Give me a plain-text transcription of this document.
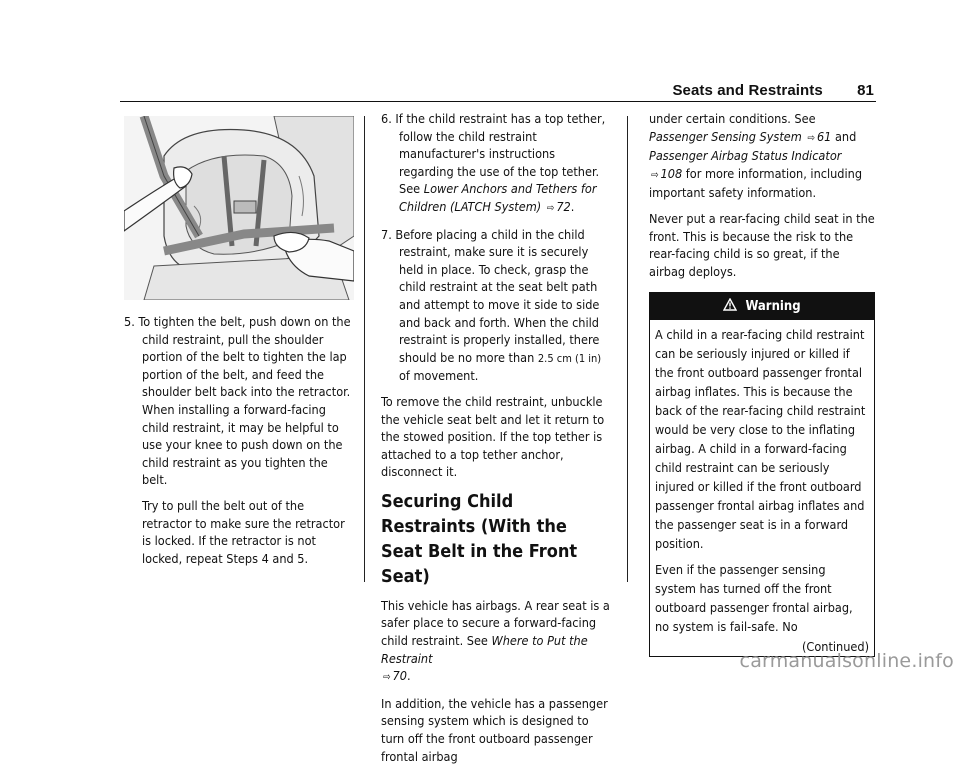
Seats and Restraints 81
5. To tighten the belt, push down on the child restraint, pull the shoulder portion of the belt to tighten the lap portion of the belt, and feed the shoulder belt back into the retractor. When installing a forward-facing child restraint, it may be helpful to use your knee to push down on the child restraint as you tighten the belt.

Try to pull the belt out of the retractor to make sure the retractor is locked. If the retractor is not locked, repeat Steps 4 and 5.

6. If the child restraint has a top tether, follow the child restraint manufacturer's instructions regarding the use of the top tether. See Lower Anchors and Tethers for Children (LATCH System) ⇨ 72.
7. Before placing a child in the child restraint, make sure it is securely held in place. To check, grasp the child restraint at the seat belt path and attempt to move it side to side and back and forth. When the child restraint is properly installed, there should be no more than 2.5 cm (1 in) of movement.

To remove the child restraint, unbuckle the vehicle seat belt and let it return to the stowed position. If the top tether is attached to a top tether anchor, disconnect it.

Securing Child Restraints (With the Seat Belt in the Front Seat)

This vehicle has airbags. A rear seat is a safer place to secure a forward-facing child restraint. See Where to Put the Restraint
⇨ 70.

In addition, the vehicle has a passenger sensing system which is designed to turn off the front outboard passenger frontal airbag

under certain conditions. See Passenger Sensing System ⇨ 61 and Passenger Airbag Status Indicator ⇨ 108 for more information, including important safety information.

Never put a rear-facing child seat in the front. This is because the risk to the rear-facing child is so great, if the airbag deploys.

Warning

A child in a rear-facing child restraint can be seriously injured or killed if the front outboard passenger frontal airbag inflates. This is because the back of the rear-facing child restraint would be very close to the inflating airbag. A child in a forward-facing child restraint can be seriously injured or killed if the front outboard passenger frontal airbag inflates and the passenger seat is in a forward position.

Even if the passenger sensing system has turned off the front outboard passenger frontal airbag, no system is fail-safe. No

(Continued)
carmanualsonline.info
